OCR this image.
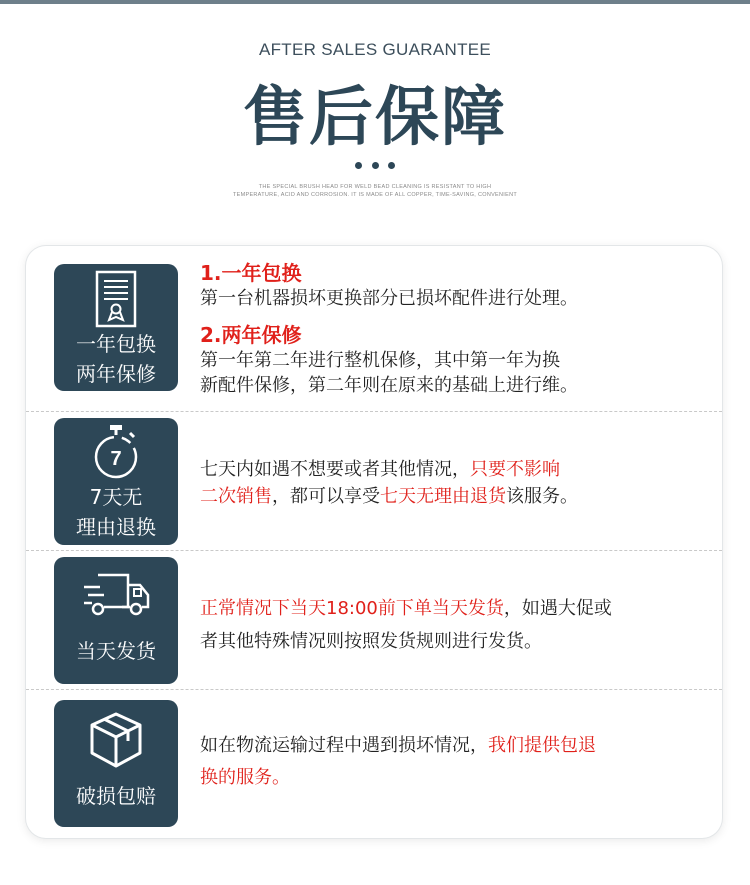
AFTER SALES GUARANTEE
售后保障
THE SPECIAL BRUSH HEAD FOR WELD BEAD CLEANING IS RESISTANT TO HIGH
TEMPERATURE, ACID AND CORROSION. IT IS MADE OF ALL COPPER, TIME-SAVING, CONVENIENT
一年包换
两年保修
1.一年包换
第一台机器损坏更换部分已损坏配件进行处理。
2.两年保修
第一年第二年进行整机保修，其中第一年为换
新配件保修，第二年则在原来的基础上进行维。
7
7天无
理由退换
七天内如遇不想要或者其他情况，只要不影响
二次销售，都可以享受七天无理由退货该服务。
当天发货
正常情况下当天18:00前下单当天发货，如遇大促或
者其他特殊情况则按照发货规则进行发货。
破损包赔
如在物流运输过程中遇到损坏情况，我们提供包退
换的服务。
